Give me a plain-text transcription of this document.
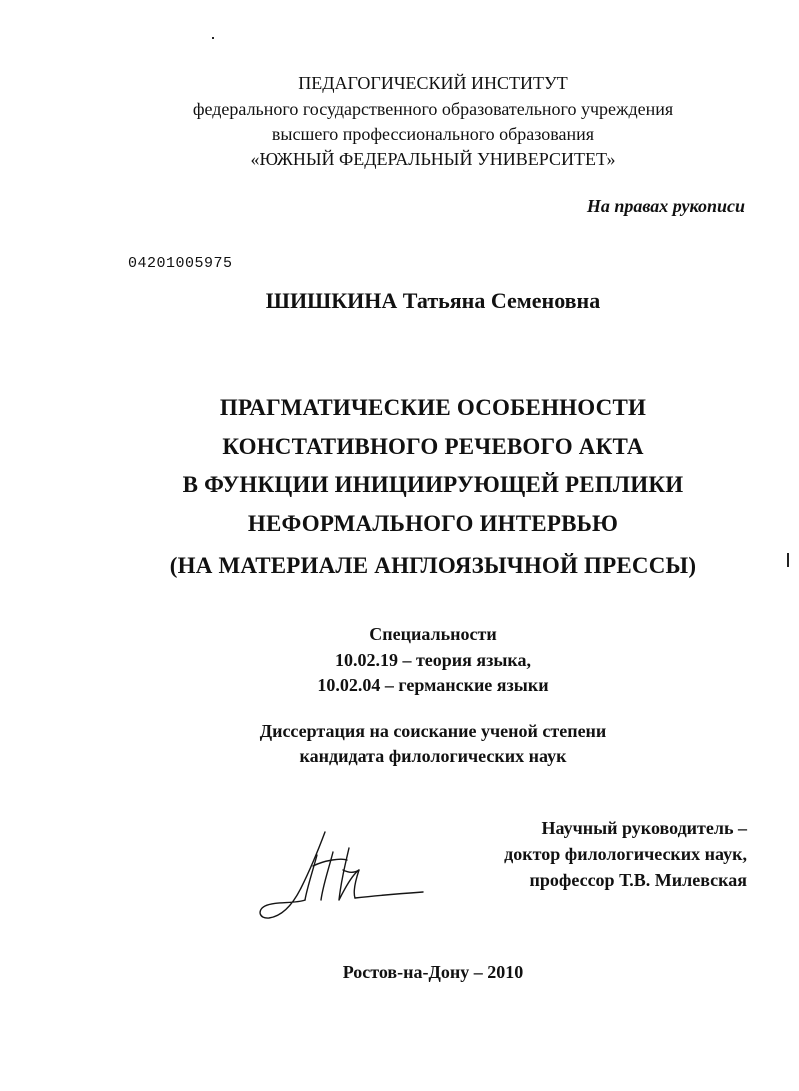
ПЕДАГОГИЧЕСКИЙ ИНСТИТУТ
федерального государственного образовательного учреждения
высшего профессионального образования
«ЮЖНЫЙ ФЕДЕРАЛЬНЫЙ УНИВЕРСИТЕТ»
На правах рукописи
04201005975
ШИШКИНА Татьяна Семеновна
ПРАГМАТИЧЕСКИЕ ОСОБЕННОСТИ
КОНСТАТИВНОГО РЕЧЕВОГО АКТА
В ФУНКЦИИ ИНИЦИИРУЮЩЕЙ РЕПЛИКИ
НЕФОРМАЛЬНОГО ИНТЕРВЬЮ
(НА МАТЕРИАЛЕ АНГЛОЯЗЫЧНОЙ ПРЕССЫ)
Специальности
10.02.19 – теория языка,
10.02.04 – германские языки
Диссертация на соискание ученой степени
кандидата филологических наук
Научный руководитель –
доктор филологических наук,
профессор Т.В. Милевская
Ростов-на-Дону – 2010
